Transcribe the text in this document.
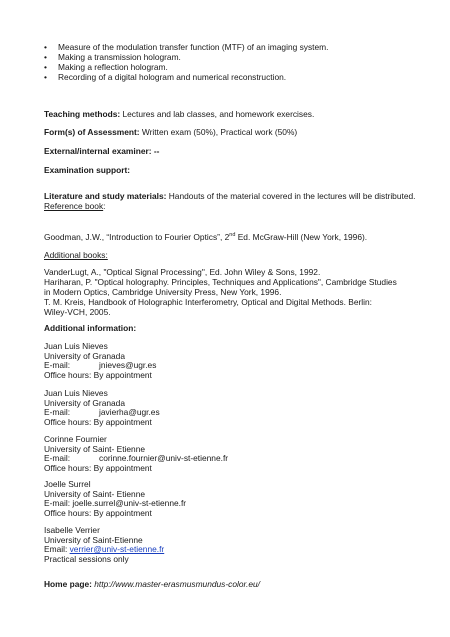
• Measure of the modulation transfer function (MTF) of an imaging system.
• Making a transmission hologram.
• Making a reflection hologram.
• Recording of a digital hologram and numerical reconstruction.
Teaching methods: Lectures and lab classes, and homework exercises.
Form(s) of Assessment: Written exam (50%), Practical work (50%)
External/internal examiner: --
Examination support:
Literature and study materials: Handouts of the material covered in the lectures will be distributed.
Reference book:
Goodman, J.W., “Introduction to Fourier Optics”, 2nd Ed. McGraw-Hill (New York, 1996).
Additional books:
VanderLugt, A., "Optical Signal Processing", Ed. John Wiley & Sons, 1992.
Hariharan, P. "Optical holography. Principles, Techniques and Applications", Cambridge Studies
in Modern Optics, Cambridge University Press, New York, 1996.
T. M. Kreis, Handbook of Holographic Interferometry, Optical and Digital Methods. Berlin:
Wiley-VCH, 2005.
Additional information:
Juan Luis Nieves
University of Granada
E-mail:	jnieves@ugr.es
Office hours: By appointment
Juan Luis Nieves
University of Granada
E-mail:	javierha@ugr.es
Office hours: By appointment
Corinne Fournier
University of Saint- Etienne
E-mail:	corinne.fournier@univ-st-etienne.fr
Office hours: By appointment
Joelle Surrel
University of Saint- Etienne
E-mail: joelle.surrel@univ-st-etienne.fr
Office hours: By appointment
Isabelle Verrier
University of Saint-Etienne
Email: verrier@univ-st-etienne.fr
Practical sessions only
Home page: http://www.master-erasmusmundus-color.eu/
